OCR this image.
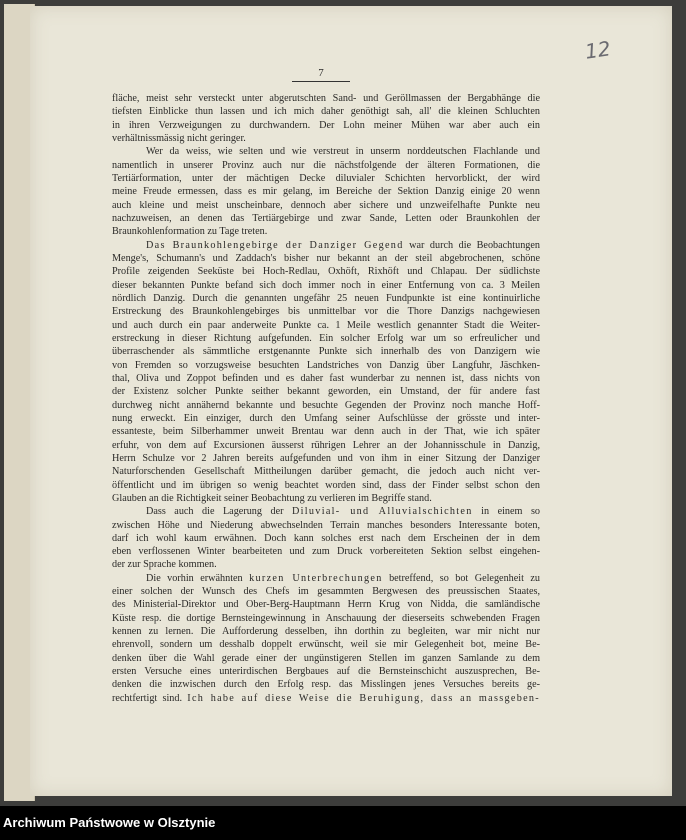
7
12
fläche, meist sehr versteckt unter abgerutschten Sand- und Geröllmassen der Bergabhänge die
tiefsten Einblicke thun lassen und ich mich daher genöthigt sah, all' die kleinen Schluchten
in ihren Verzweigungen zu durchwandern. Der Lohn meiner Mühen war aber auch ein
verhältnissmässig nicht geringer.
Wer da weiss, wie selten und wie verstreut in unserm norddeutschen Flachlande und
namentlich in unserer Provinz auch nur die nächstfolgende der älteren Formationen, die
Tertiärformation, unter der mächtigen Decke diluvialer Schichten hervorblickt, der wird
meine Freude ermessen, dass es mir gelang, im Bereiche der Sektion Danzig einige 20 wenn
auch kleine und meist unscheinbare, dennoch aber sichere und unzweifelhafte Punkte neu
nachzuweisen, an denen das Tertiärgebirge und zwar Sande, Letten oder Braunkohlen der
Braunkohlenformation zu Tage treten.
Das Braunkohlengebirge der Danziger Gegend war durch die Beobachtungen
Menge's, Schumann's und Zaddach's bisher nur bekannt an der steil abgebrochenen, schöne
Profile zeigenden Seeküste bei Hoch-Redlau, Oxhöft, Rixhöft und Chlapau. Der südlichste
dieser bekannten Punkte befand sich doch immer noch in einer Entfernung von ca. 3 Meilen
nördlich Danzig. Durch die genannten ungefähr 25 neuen Fundpunkte ist eine kontinuirliche
Erstreckung des Braunkohlengebirges bis unmittelbar vor die Thore Danzigs nachgewiesen
und auch durch ein paar anderweite Punkte ca. 1 Meile westlich genannter Stadt die Weiter-
erstreckung in dieser Richtung aufgefunden. Ein solcher Erfolg war um so erfreulicher und
überraschender als sämmtliche erstgenannte Punkte sich innerhalb des von Danzigern wie
von Fremden so vorzugsweise besuchten Landstriches von Danzig über Langfuhr, Jäschken-
thal, Oliva und Zoppot befinden und es daher fast wunderbar zu nennen ist, dass nichts von
der Existenz solcher Punkte seither bekannt geworden, ein Umstand, der für andere fast
durchweg nicht annähernd bekannte und besuchte Gegenden der Provinz noch manche Hoff-
nung erweckt. Ein einziger, durch den Umfang seiner Aufschlüsse der grösste und inter-
essanteste, beim Silberhammer unweit Brentau war denn auch in der That, wie ich später
erfuhr, von dem auf Excursionen äusserst rührigen Lehrer an der Johannisschule in Danzig,
Herrn Schulze vor 2 Jahren bereits aufgefunden und von ihm in einer Sitzung der Danziger
Naturforschenden Gesellschaft Mittheilungen darüber gemacht, die jedoch auch nicht ver-
öffentlicht und im übrigen so wenig beachtet worden sind, dass der Finder selbst schon den
Glauben an die Richtigkeit seiner Beobachtung zu verlieren im Begriffe stand.
Dass auch die Lagerung der Diluvial- und Alluvialschichten in einem so
zwischen Höhe und Niederung abwechselnden Terrain manches besonders Interessante boten,
darf ich wohl kaum erwähnen. Doch kann solches erst nach dem Erscheinen der in dem
eben verflossenen Winter bearbeiteten und zum Druck vorbereiteten Sektion selbst eingehen-
der zur Sprache kommen.
Die vorhin erwähnten kurzen Unterbrechungen betreffend, so bot Gelegenheit zu
einer solchen der Wunsch des Chefs im gesammten Bergwesen des preussischen Staates,
des Ministerial-Direktor und Ober-Berg-Hauptmann Herrn Krug von Nidda, die samländische
Küste resp. die dortige Bernsteingewinnung in Anschauung der dieserseits schwebenden Fragen
kennen zu lernen. Die Aufforderung desselben, ihn dorthin zu begleiten, war mir nicht nur
ehrenvoll, sondern um desshalb doppelt erwünscht, weil sie mir Gelegenheit bot, meine Be-
denken über die Wahl gerade einer der ungünstigeren Stellen im ganzen Samlande zu dem
ersten Versuche eines unterirdischen Bergbaues auf die Bernsteinschicht auszusprechen, Be-
denken die inzwischen durch den Erfolg resp. das Misslingen jenes Versuches bereits ge-
rechtfertigt sind. Ich habe auf diese Weise die Beruhigung, dass an massgeben-
Archiwum Państwowe w Olsztynie
